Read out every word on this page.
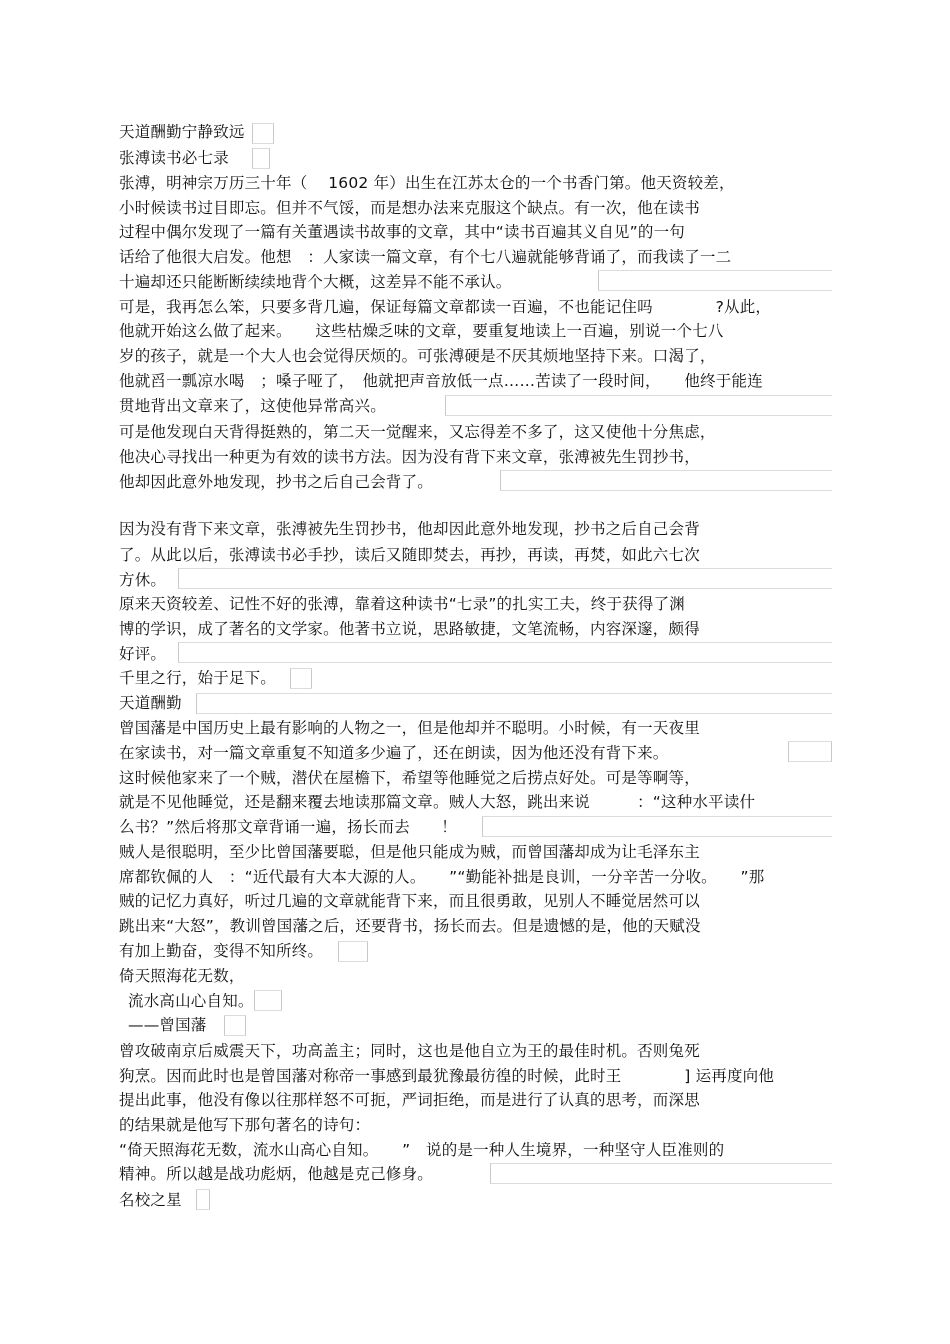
天道酬勤宁静致远
张溥读书必七录
张溥，明神宗万历三十年（　 1602 年）出生在江苏太仓的一个书香门第。他天资较差，
小时候读书过目即忘。但并不气馁，而是想办法来克服这个缺点。有一次，他在读书
过程中偶尔发现了一篇有关董遇读书故事的文章，其中“读书百遍其义自见”的一句
话给了他很大启发。他想　：人家读一篇文章，有个七八遍就能够背诵了，而我读了一二
十遍却还只能断断续续地背个大概，这差异不能不承认。
可是，我再怎么笨，只要多背几遍，保证每篇文章都读一百遍，不也能记住吗　　　　?从此，
他就开始这么做了起来。　　这些枯燥乏味的文章，要重复地读上一百遍，别说一个七八
岁的孩子，就是一个大人也会觉得厌烦的。可张溥硬是不厌其烦地坚持下来。口渴了，
他就舀一瓢凉水喝　；嗓子哑了，　他就把声音放低一点……苦读了一段时间，　　他终于能连
贯地背出文章来了，这使他异常高兴。
可是他发现白天背得挺熟的，第二天一觉醒来，又忘得差不多了，这又使他十分焦虑，
他决心寻找出一种更为有效的读书方法。因为没有背下来文章，张溥被先生罚抄书，
他却因此意外地发现，抄书之后自己会背了。
因为没有背下来文章，张溥被先生罚抄书，他却因此意外地发现，抄书之后自己会背
了。从此以后，张溥读书必手抄，读后又随即焚去，再抄，再读，再焚，如此六七次
方休。
原来天资较差、记性不好的张溥，靠着这种读书“七录”的扎实工夫，终于获得了渊
博的学识，成了著名的文学家。他著书立说，思路敏捷，文笔流畅，内容深邃，颇得
好评。
千里之行，始于足下。
天道酬勤
曾国藩是中国历史上最有影响的人物之一，但是他却并不聪明。小时候，有一天夜里
在家读书，对一篇文章重复不知道多少遍了，还在朗读，因为他还没有背下来。
这时候他家来了一个贼，潜伏在屋檐下，希望等他睡觉之后捞点好处。可是等啊等，
就是不见他睡觉，还是翻来覆去地读那篇文章。贼人大怒，跳出来说　　　：“这种水平读什
么书？”然后将那文章背诵一遍，扬长而去　　！
贼人是很聪明，至少比曾国藩要聪，但是他只能成为贼，而曾国藩却成为让毛泽东主
席都钦佩的人　：“近代最有大本大源的人。　　”“勤能补拙是良训，一分辛苦一分收。　　”那
贼的记忆力真好，听过几遍的文章就能背下来，而且很勇敢，见别人不睡觉居然可以
跳出来“大怒”，教训曾国藩之后，还要背书，扬长而去。但是遗憾的是，他的天赋没
有加上勤奋，变得不知所终。
倚天照海花无数，
流水高山心自知。
——曾国藩
曾攻破南京后威震天下，功高盖主；同时，这也是他自立为王的最佳时机。否则兔死
狗烹。因而此时也是曾国藩对称帝一事感到最犹豫最彷徨的时候，此时王　　　　] 运再度向他
提出此事，他没有像以往那样怒不可扼，严词拒绝，而是进行了认真的思考，而深思
的结果就是他写下那句著名的诗句：
“倚天照海花无数，流水山高心自知。　　”　说的是一种人生境界，一种坚守人臣准则的
精神。所以越是战功彪炳，他越是克己修身。
名校之星
